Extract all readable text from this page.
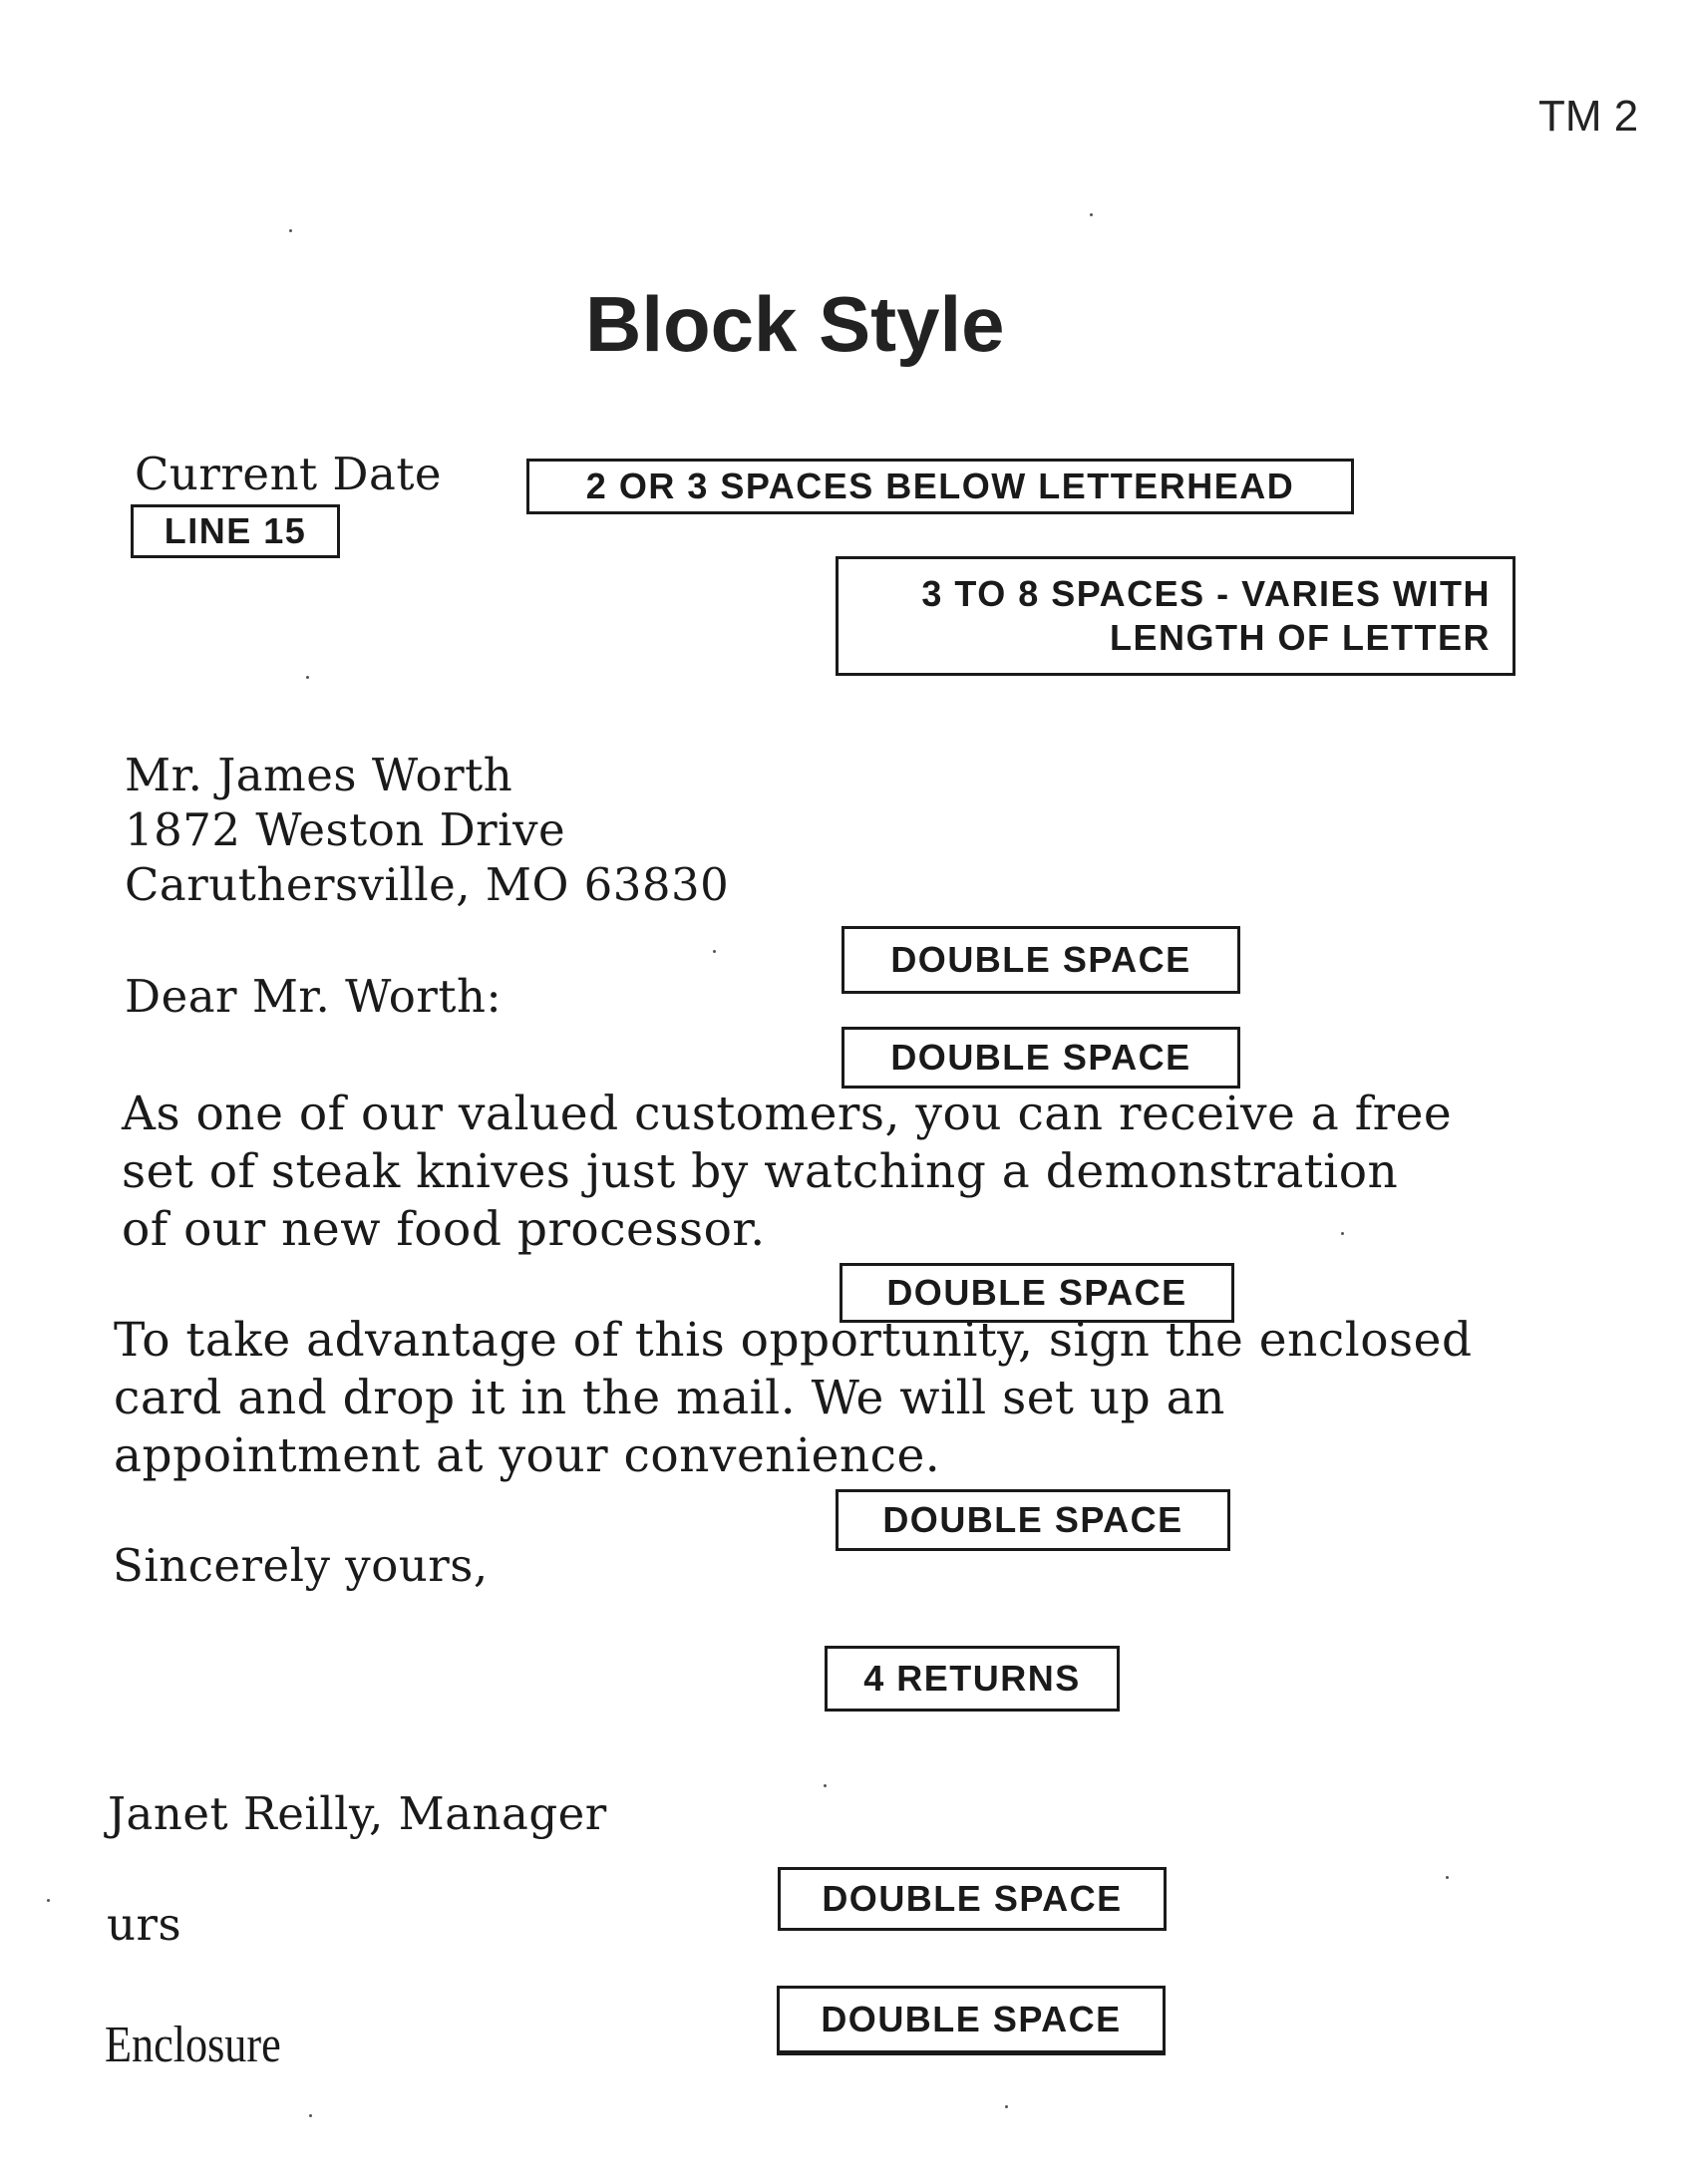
TM 2
Block Style
Current Date	2 OR 3 SPACES BELOW LETTERHEAD
LINE 15
3 TO 8 SPACES - VARIES WITH
LENGTH OF LETTER
Mr. James Worth
1872 Weston Drive
Caruthersville, MO 63830
DOUBLE SPACE
Dear Mr. Worth:
DOUBLE SPACE
As one of our valued customers, you can receive a free
set of steak knives just by watching a demonstration
of our new food processor.
DOUBLE SPACE
To take advantage of this opportunity, sign the enclosed
card and drop it in the mail. We will set up an
appointment at your convenience.
DOUBLE SPACE
Sincerely yours,
4 RETURNS
Janet Reilly, Manager
DOUBLE SPACE
urs
DOUBLE SPACE
Enclosure
